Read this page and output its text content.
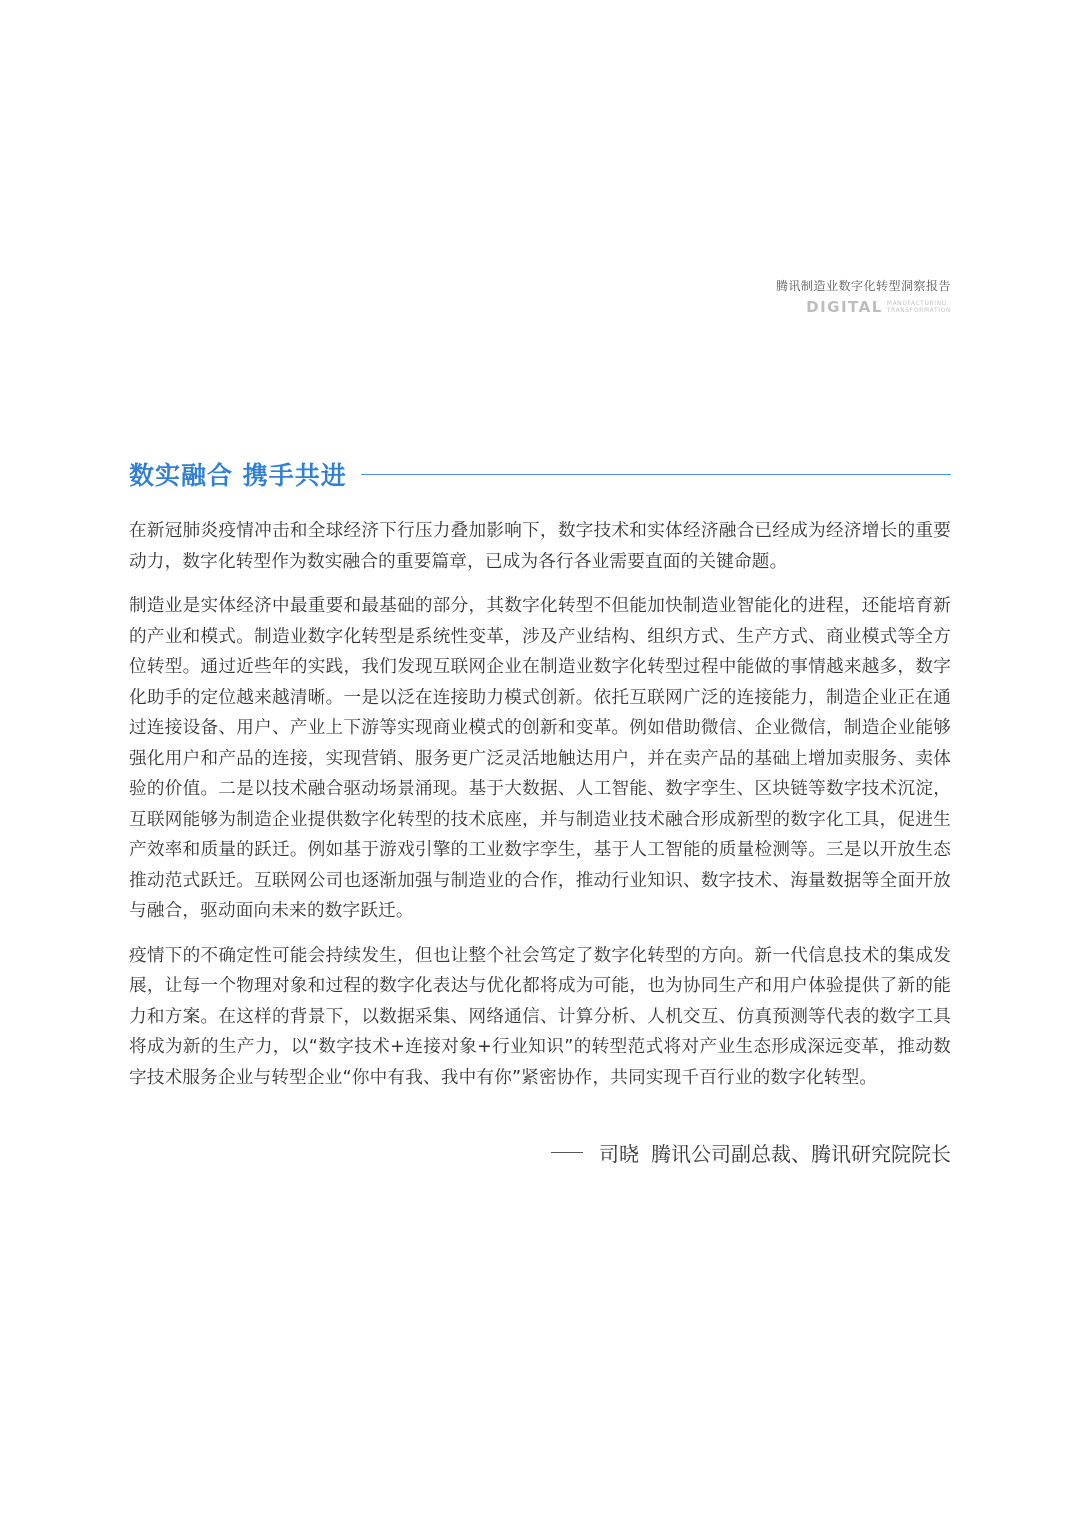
腾讯制造业数字化转型洞察报告
DIGITAL MANUFACTURING
TRANSFORMATION
数实融合 携手共进

在新冠肺炎疫情冲击和全球经济下行压力叠加影响下，数字技术和实体经济融合已经成为经济增长的重要动力，数字化转型作为数实融合的重要篇章，已成为各行各业需要直面的关键命题。

制造业是实体经济中最重要和最基础的部分，其数字化转型不但能加快制造业智能化的进程，还能培育新的产业和模式。制造业数字化转型是系统性变革，涉及产业结构、组织方式、生产方式、商业模式等全方位转型。通过近些年的实践，我们发现互联网企业在制造业数字化转型过程中能做的事情越来越多，数字化助手的定位越来越清晰。一是以泛在连接助力模式创新。依托互联网广泛的连接能力，制造企业正在通过连接设备、用户、产业上下游等实现商业模式的创新和变革。例如借助微信、企业微信，制造企业能够强化用户和产品的连接，实现营销、服务更广泛灵活地触达用户，并在卖产品的基础上增加卖服务、卖体验的价值。二是以技术融合驱动场景涌现。基于大数据、人工智能、数字孪生、区块链等数字技术沉淀，互联网能够为制造企业提供数字化转型的技术底座，并与制造业技术融合形成新型的数字化工具，促进生产效率和质量的跃迁。例如基于游戏引擎的工业数字孪生，基于人工智能的质量检测等。三是以开放生态推动范式跃迁。互联网公司也逐渐加强与制造业的合作，推动行业知识、数字技术、海量数据等全面开放与融合，驱动面向未来的数字跃迁。

疫情下的不确定性可能会持续发生，但也让整个社会笃定了数字化转型的方向。新一代信息技术的集成发展，让每一个物理对象和过程的数字化表达与优化都将成为可能，也为协同生产和用户体验提供了新的能力和方案。在这样的背景下，以数据采集、网络通信、计算分析、人机交互、仿真预测等代表的数字工具将成为新的生产力，以“数字技术+连接对象+行业知识”的转型范式将对产业生态形成深远变革，推动数字技术服务企业与转型企业“你中有我、我中有你”紧密协作，共同实现千百行业的数字化转型。

司晓 腾讯公司副总裁、腾讯研究院院长
